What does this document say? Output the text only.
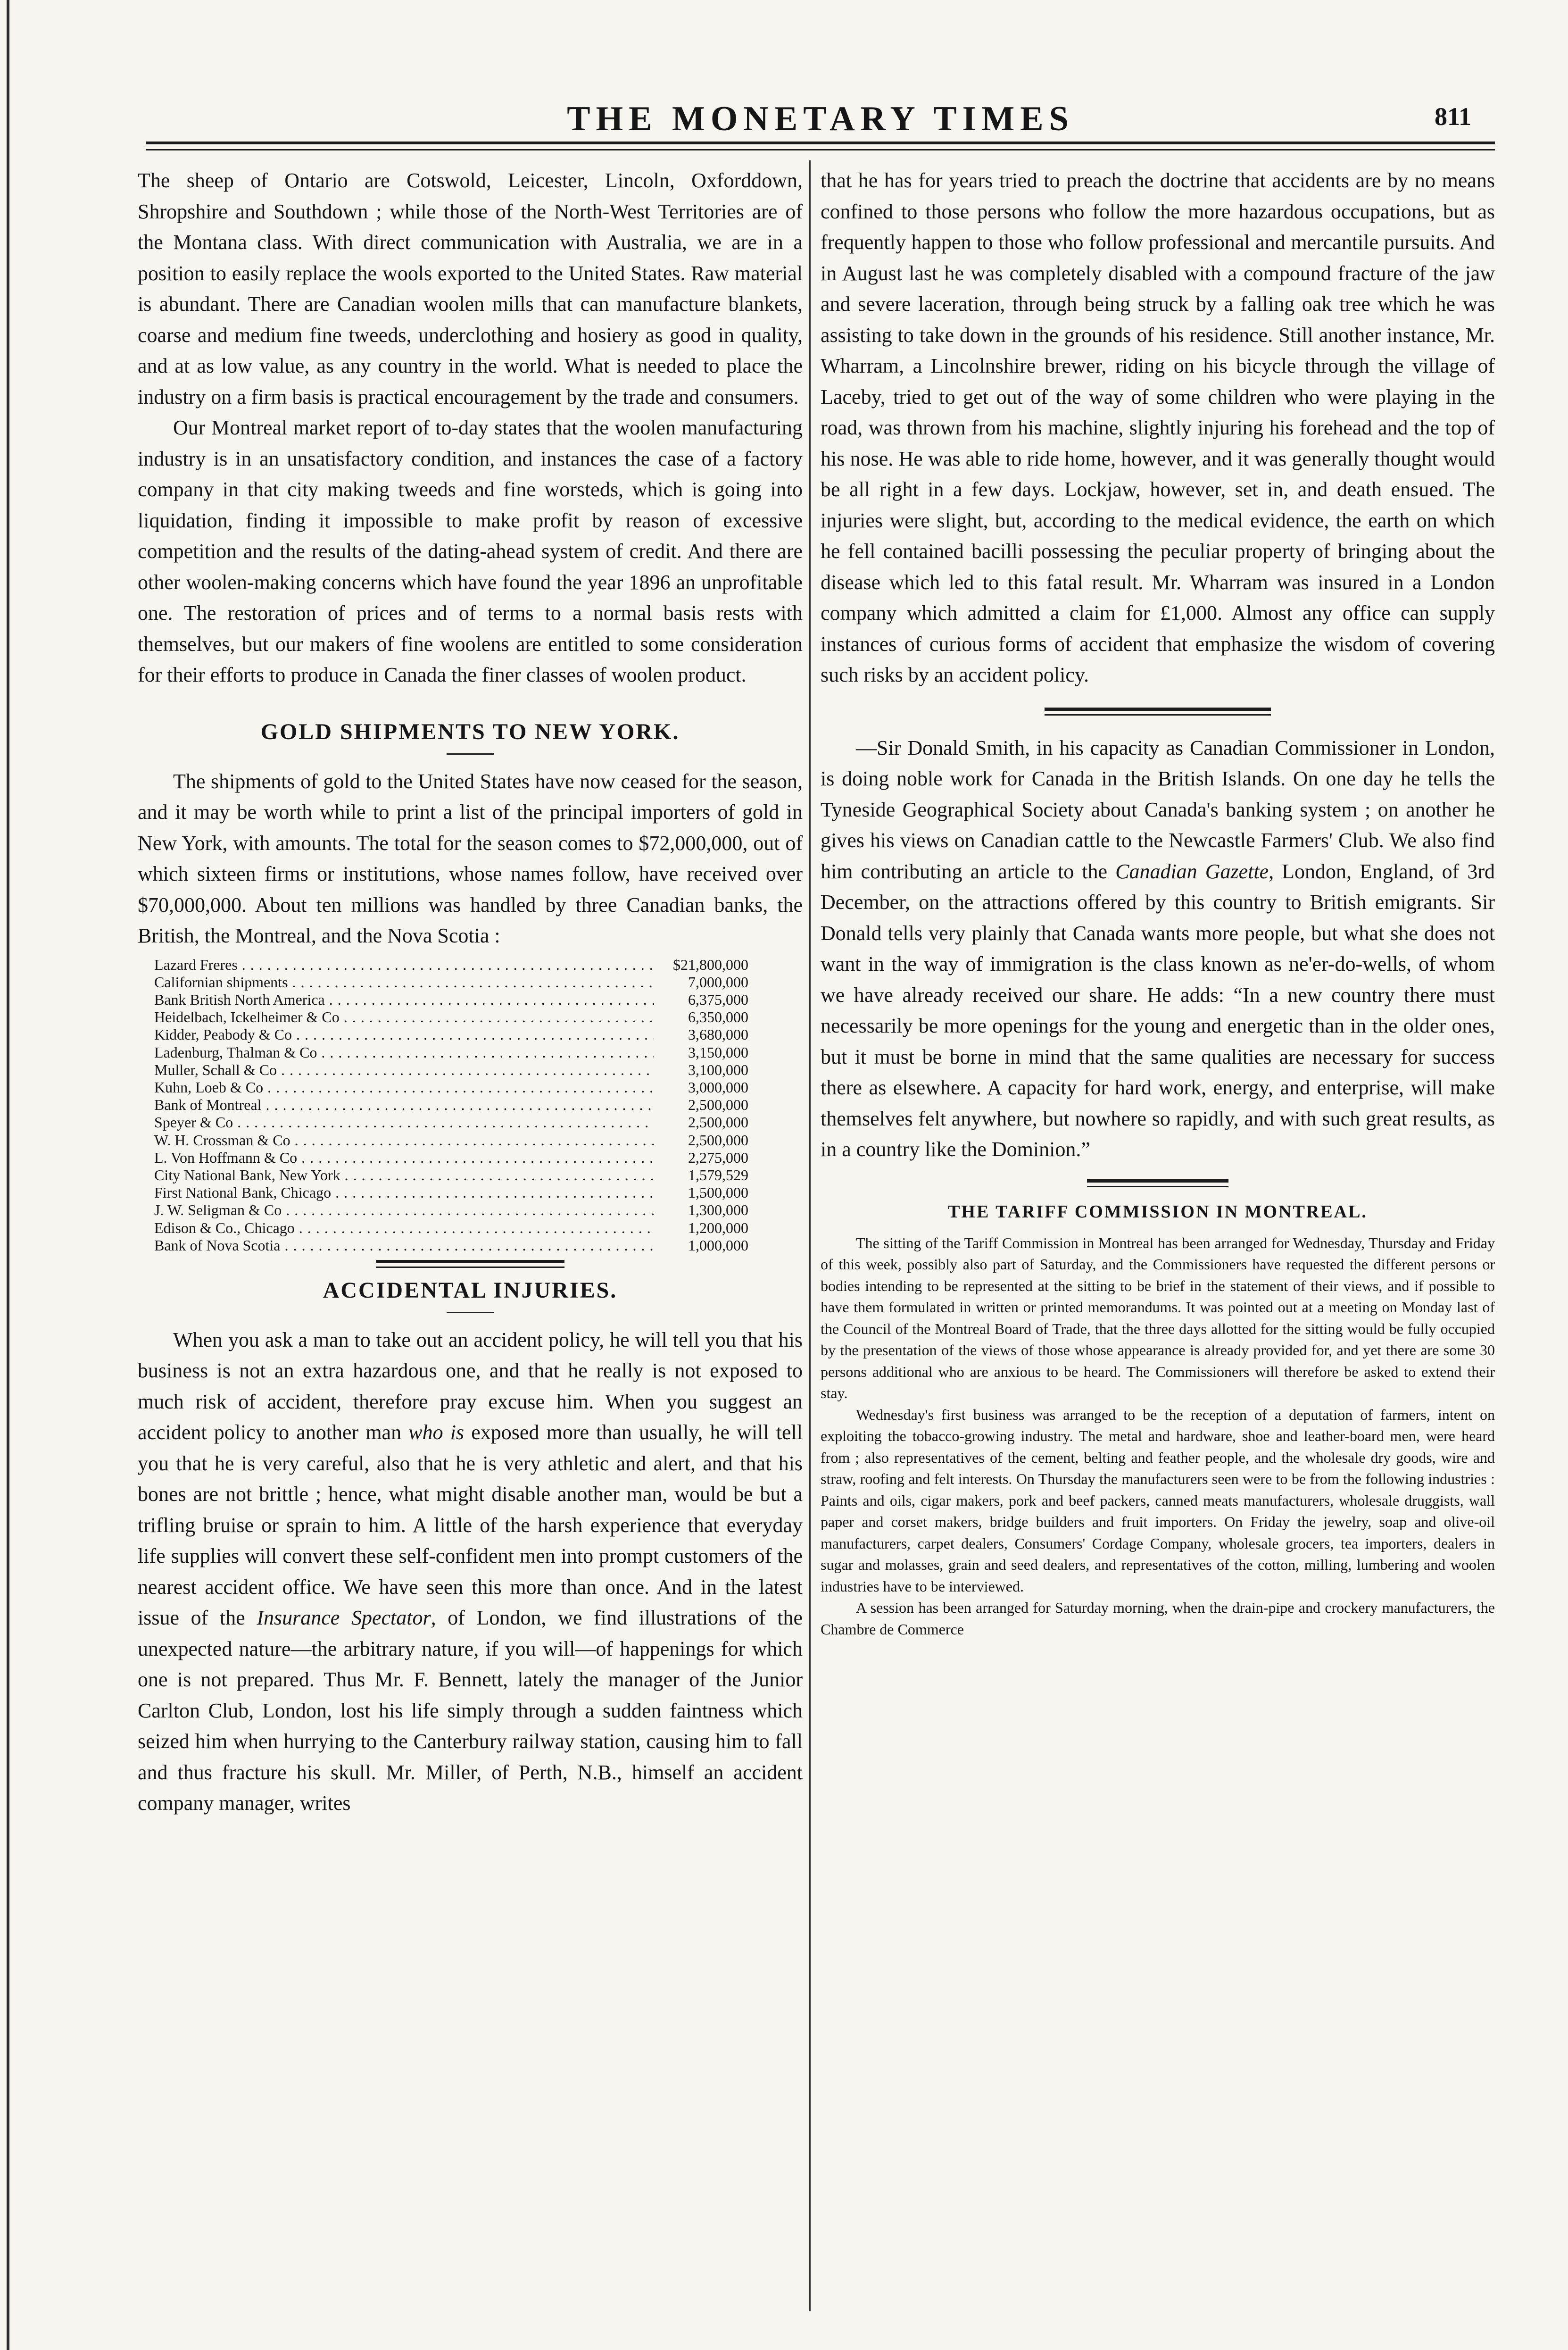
THE MONETARY TIMES	811

The sheep of Ontario are Cotswold, Leicester, Lincoln, Oxforddown, Shropshire and Southdown ; while those of the North-West Territories are of the Montana class. With direct communication with Australia, we are in a position to easily replace the wools exported to the United States. Raw material is abundant. There are Canadian woolen mills that can manufacture blankets, coarse and medium fine tweeds, underclothing and hosiery as good in quality, and at as low value, as any country in the world. What is needed to place the industry on a firm basis is practical encouragement by the trade and consumers.

Our Montreal market report of to-day states that the woolen manufacturing industry is in an unsatisfactory condition, and instances the case of a factory company in that city making tweeds and fine worsteds, which is going into liquidation, finding it impossible to make profit by reason of excessive competition and the results of the dating-ahead system of credit. And there are other woolen-making concerns which have found the year 1896 an unprofitable one. The restoration of prices and of terms to a normal basis rests with themselves, but our makers of fine woolens are entitled to some consideration for their efforts to produce in Canada the finer classes of woolen product.

GOLD SHIPMENTS TO NEW YORK.

The shipments of gold to the United States have now ceased for the season, and it may be worth while to print a list of the principal importers of gold in New York, with amounts. The total for the season comes to $72,000,000, out of which sixteen firms or institutions, whose names follow, have received over $70,000,000. About ten millions was handled by three Canadian banks, the British, the Montreal, and the Nova Scotia :

Lazard Freres . . .	$21,800,000
Californian shipments . . .	7,000,000
Bank British North America . . .	6,375,000
Heidelbach, Ickelheimer & Co . . .	6,350,000
Kidder, Peabody & Co . . .	3,680,000
Ladenburg, Thalman & Co . . .	3,150,000
Muller, Schall & Co . . .	3,100,000
Kuhn, Loeb & Co . . .	3,000,000
Bank of Montreal . . .	2,500,000
Speyer & Co . . .	2,500,000
W. H. Crossman & Co . . .	2,500,000
L. Von Hoffmann & Co . . .	2,275,000
City National Bank, New York . . .	1,579,529
First National Bank, Chicago . . .	1,500,000
J. W. Seligman & Co . . .	1,300,000
Edison & Co., Chicago . . .	1,200,000
Bank of Nova Scotia . . .	1,000,000
ACCIDENTAL INJURIES.

When you ask a man to take out an accident policy, he will tell you that his business is not an extra hazardous one, and that he really is not exposed to much risk of accident, therefore pray excuse him. When you suggest an accident policy to another man who is exposed more than usually, he will tell you that he is very careful, also that he is very athletic and alert, and that his bones are not brittle ; hence, what might disable another man, would be but a trifling bruise or sprain to him. A little of the harsh experience that everyday life supplies will convert these self-confident men into prompt customers of the nearest accident office. We have seen this more than once. And in the latest issue of the Insurance Spectator, of London, we find illustrations of the unexpected nature—the arbitrary nature, if you will—of happenings for which one is not prepared. Thus Mr. F. Bennett, lately the manager of the Junior Carlton Club, London, lost his life simply through a sudden faintness which seized him when hurrying to the Canterbury railway station, causing him to fall and thus fracture his skull. Mr. Miller, of Perth, N.B., himself an accident company manager, writes

that he has for years tried to preach the doctrine that accidents are by no means confined to those persons who follow the more hazardous occupations, but as frequently happen to those who follow professional and mercantile pursuits. And in August last he was completely disabled with a compound fracture of the jaw and severe laceration, through being struck by a falling oak tree which he was assisting to take down in the grounds of his residence. Still another instance, Mr. Wharram, a Lincolnshire brewer, riding on his bicycle through the village of Laceby, tried to get out of the way of some children who were playing in the road, was thrown from his machine, slightly injuring his forehead and the top of his nose. He was able to ride home, however, and it was generally thought would be all right in a few days. Lockjaw, however, set in, and death ensued. The injuries were slight, but, according to the medical evidence, the earth on which he fell contained bacilli possessing the peculiar property of bringing about the disease which led to this fatal result. Mr. Wharram was insured in a London company which admitted a claim for £1,000. Almost any office can supply instances of curious forms of accident that emphasize the wisdom of covering such risks by an accident policy.

—Sir Donald Smith, in his capacity as Canadian Commissioner in London, is doing noble work for Canada in the British Islands. On one day he tells the Tyneside Geographical Society about Canada's banking system ; on another he gives his views on Canadian cattle to the Newcastle Farmers' Club. We also find him contributing an article to the Canadian Gazette, London, England, of 3rd December, on the attractions offered by this country to British emigrants. Sir Donald tells very plainly that Canada wants more people, but what she does not want in the way of immigration is the class known as ne'er-do-wells, of whom we have already received our share. He adds: “In a new country there must necessarily be more openings for the young and energetic than in the older ones, but it must be borne in mind that the same qualities are necessary for success there as elsewhere. A capacity for hard work, energy, and enterprise, will make themselves felt anywhere, but nowhere so rapidly, and with such great results, as in a country like the Dominion.”

THE TARIFF COMMISSION IN MONTREAL.

The sitting of the Tariff Commission in Montreal has been arranged for Wednesday, Thursday and Friday of this week, possibly also part of Saturday, and the Commissioners have requested the different persons or bodies intending to be represented at the sitting to be brief in the statement of their views, and if possible to have them formulated in written or printed memorandums. It was pointed out at a meeting on Monday last of the Council of the Montreal Board of Trade, that the three days allotted for the sitting would be fully occupied by the presentation of the views of those whose appearance is already provided for, and yet there are some 30 persons additional who are anxious to be heard. The Commissioners will therefore be asked to extend their stay.

Wednesday's first business was arranged to be the reception of a deputation of farmers, intent on exploiting the tobacco-growing industry. The metal and hardware, shoe and leather-board men, were heard from ; also representatives of the cement, belting and feather people, and the wholesale dry goods, wire and straw, roofing and felt interests. On Thursday the manufacturers seen were to be from the following industries : Paints and oils, cigar makers, pork and beef packers, canned meats manufacturers, wholesale druggists, wall paper and corset makers, bridge builders and fruit importers. On Friday the jewelry, soap and olive-oil manufacturers, carpet dealers, Consumers' Cordage Company, wholesale grocers, tea importers, dealers in sugar and molasses, grain and seed dealers, and representatives of the cotton, milling, lumbering and woolen industries have to be interviewed.

A session has been arranged for Saturday morning, when the drain-pipe and crockery manufacturers, the Chambre de Commerce
